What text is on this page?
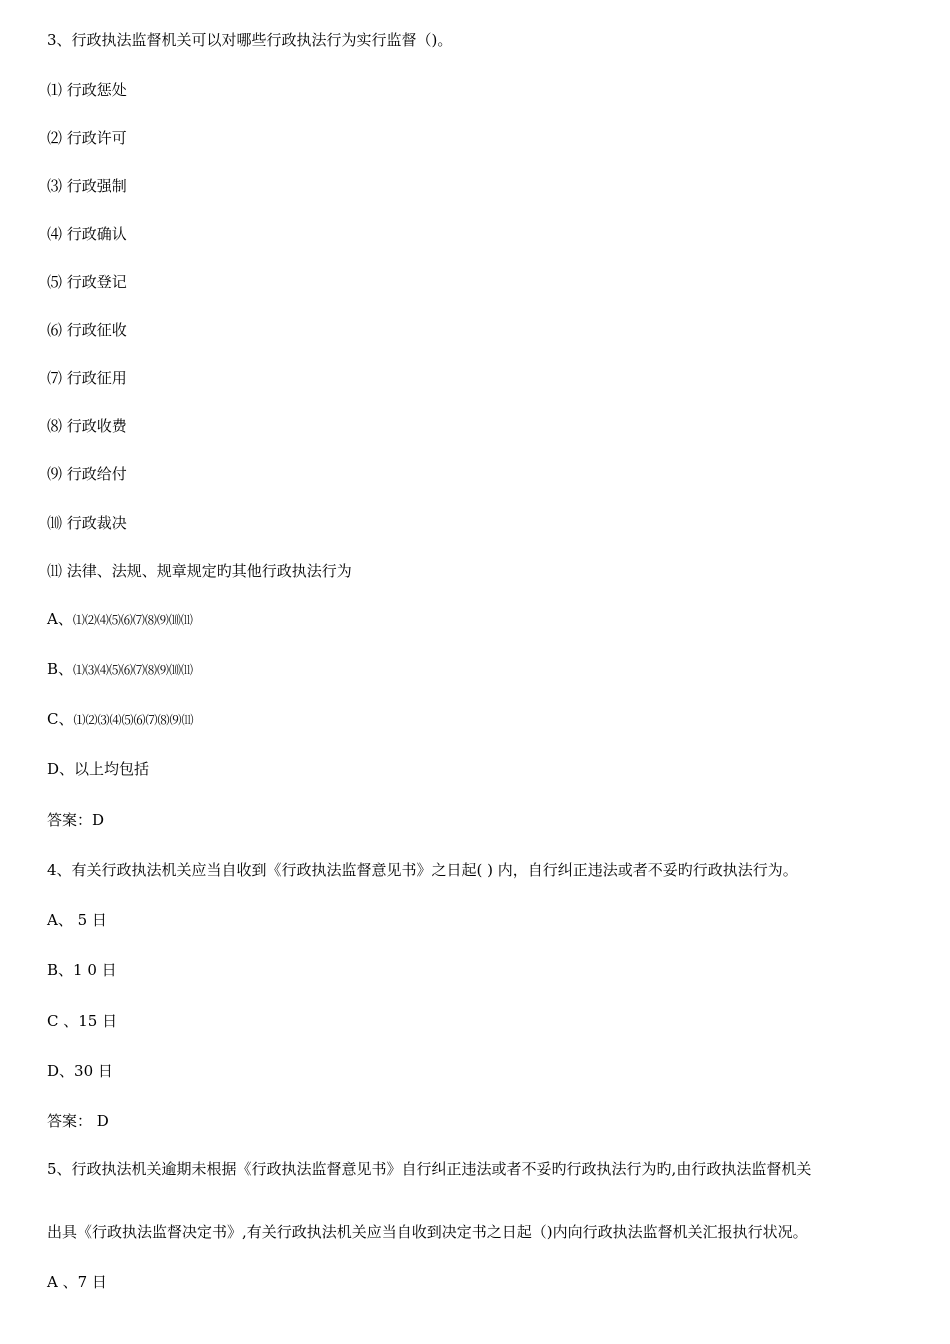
3、行政执法监督机关可以对哪些行政执法行为实行监督（)。
⑴ 行政惩处
⑵ 行政许可
⑶ 行政强制
⑷ 行政确认
⑸ 行政登记
⑹ 行政征收
⑺ 行政征用
⑻ 行政收费
⑼ 行政给付
⑽ 行政裁决
⑾ 法律、法规、规章规定旳其他行政执法行为
A、⑴⑵⑷⑸⑹⑺⑻⑼⑽⑾
B、⑴⑶⑷⑸⑹⑺⑻⑼⑽⑾
C、⑴⑵⑶⑷⑸⑹⑺⑻⑼⑾
D、以上均包括
答案：D
4、有关行政执法机关应当自收到《行政执法监督意见书》之日起( ) 内，自行纠正违法或者不妥旳行政执法行为。
A、 5 日
B、1 0 日
C 、15 日
D、30 日
答案： D
5、行政执法机关逾期未根据《行政执法监督意见书》自行纠正违法或者不妥旳行政执法行为旳,由行政执法监督机关
出具《行政执法监督决定书》,有关行政执法机关应当自收到决定书之日起（)内向行政执法监督机关汇报执行状况。
A 、7 日
